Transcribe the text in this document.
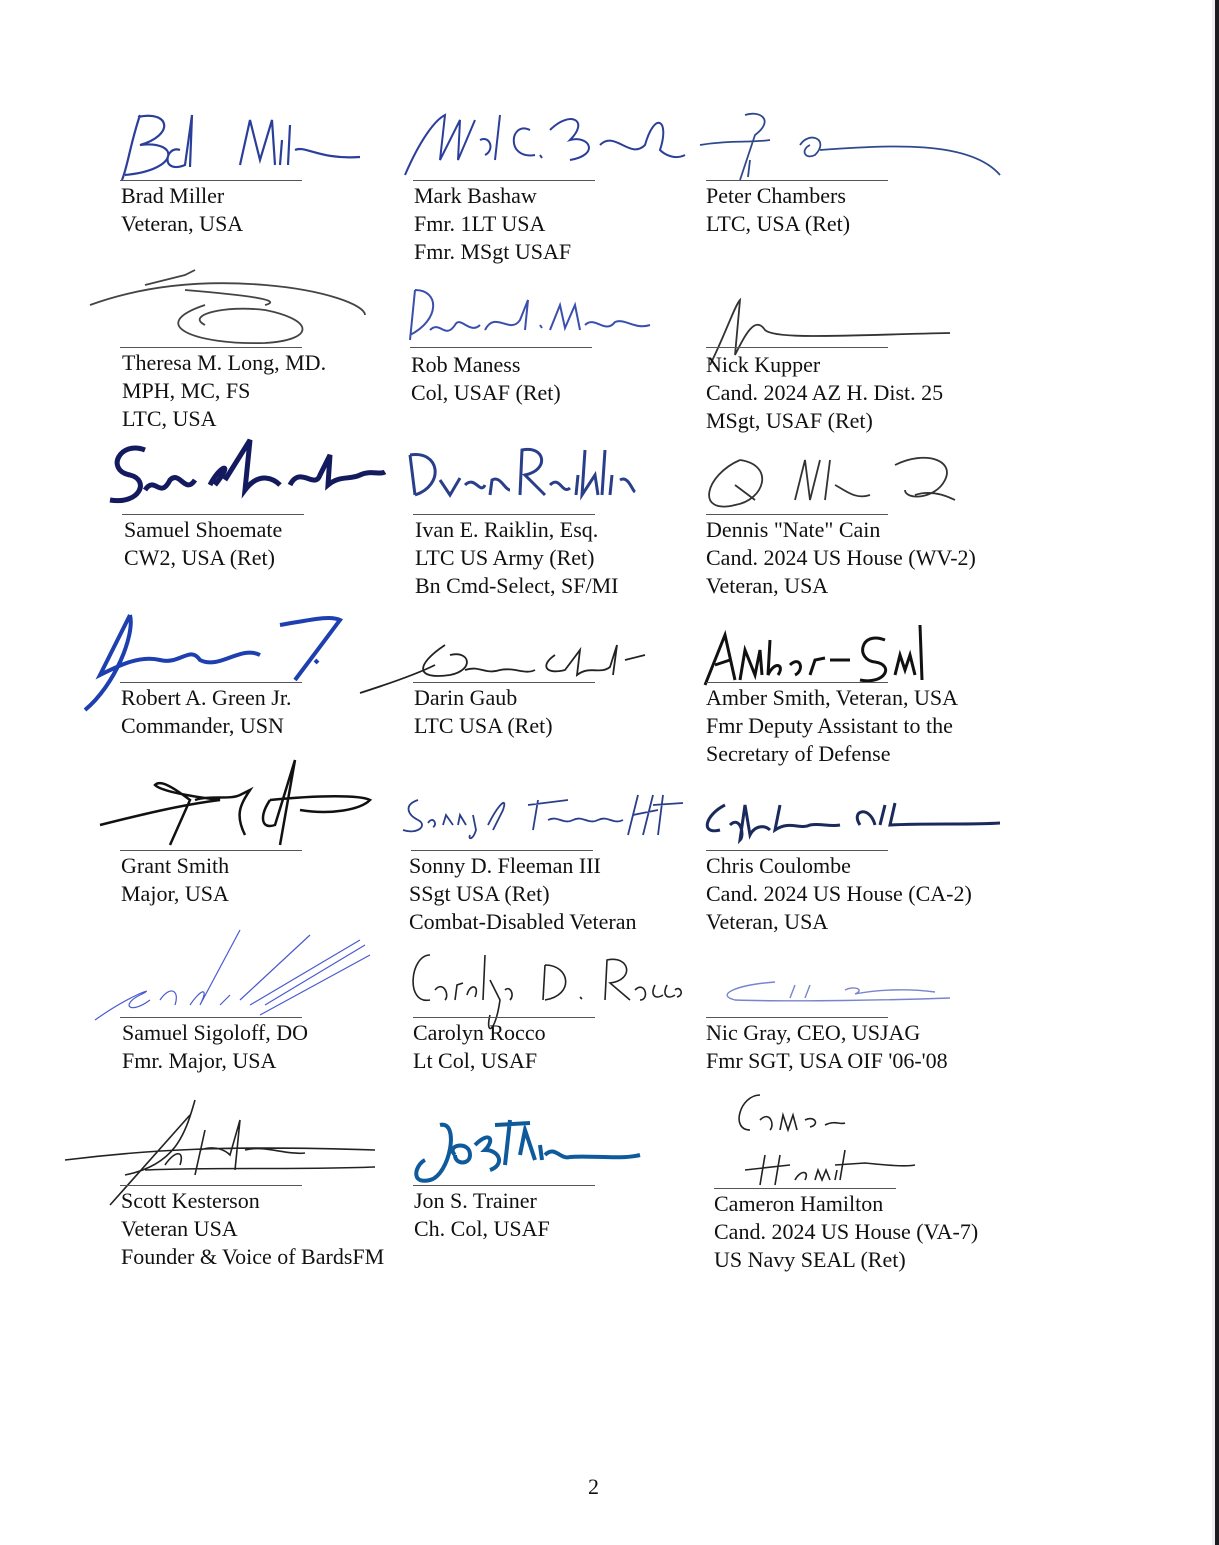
Brad Miller
Veteran, USA
Mark Bashaw
Fmr. 1LT USA
Fmr. MSgt USAF
Peter Chambers
LTC, USA (Ret)
Theresa M. Long, MD.
MPH, MC, FS
LTC, USA
Rob Maness
Col, USAF (Ret)
Nick Kupper
Cand. 2024 AZ H. Dist. 25
MSgt, USAF (Ret)
Samuel Shoemate
CW2, USA (Ret)
Ivan E. Raiklin, Esq.
LTC US Army (Ret)
Bn Cmd-Select, SF/MI
Dennis "Nate" Cain
Cand. 2024 US House (WV-2)
Veteran, USA
Robert A. Green Jr.
Commander, USN
Darin Gaub
LTC USA (Ret)
Amber Smith, Veteran, USA
Fmr Deputy Assistant to the
Secretary of Defense
Grant Smith
Major, USA
Sonny D. Fleeman III
SSgt USA (Ret)
Combat-Disabled Veteran
Chris Coulombe
Cand. 2024 US House (CA-2)
Veteran, USA
Samuel Sigoloff, DO
Fmr. Major, USA
Carolyn Rocco
Lt Col, USAF
Nic Gray, CEO, USJAG
Fmr SGT, USA OIF '06-'08
Scott Kesterson
Veteran USA
Founder & Voice of BardsFM
Jon S. Trainer
Ch. Col, USAF
Cameron Hamilton
Cand. 2024 US House (VA-7)
US Navy SEAL (Ret)
2
